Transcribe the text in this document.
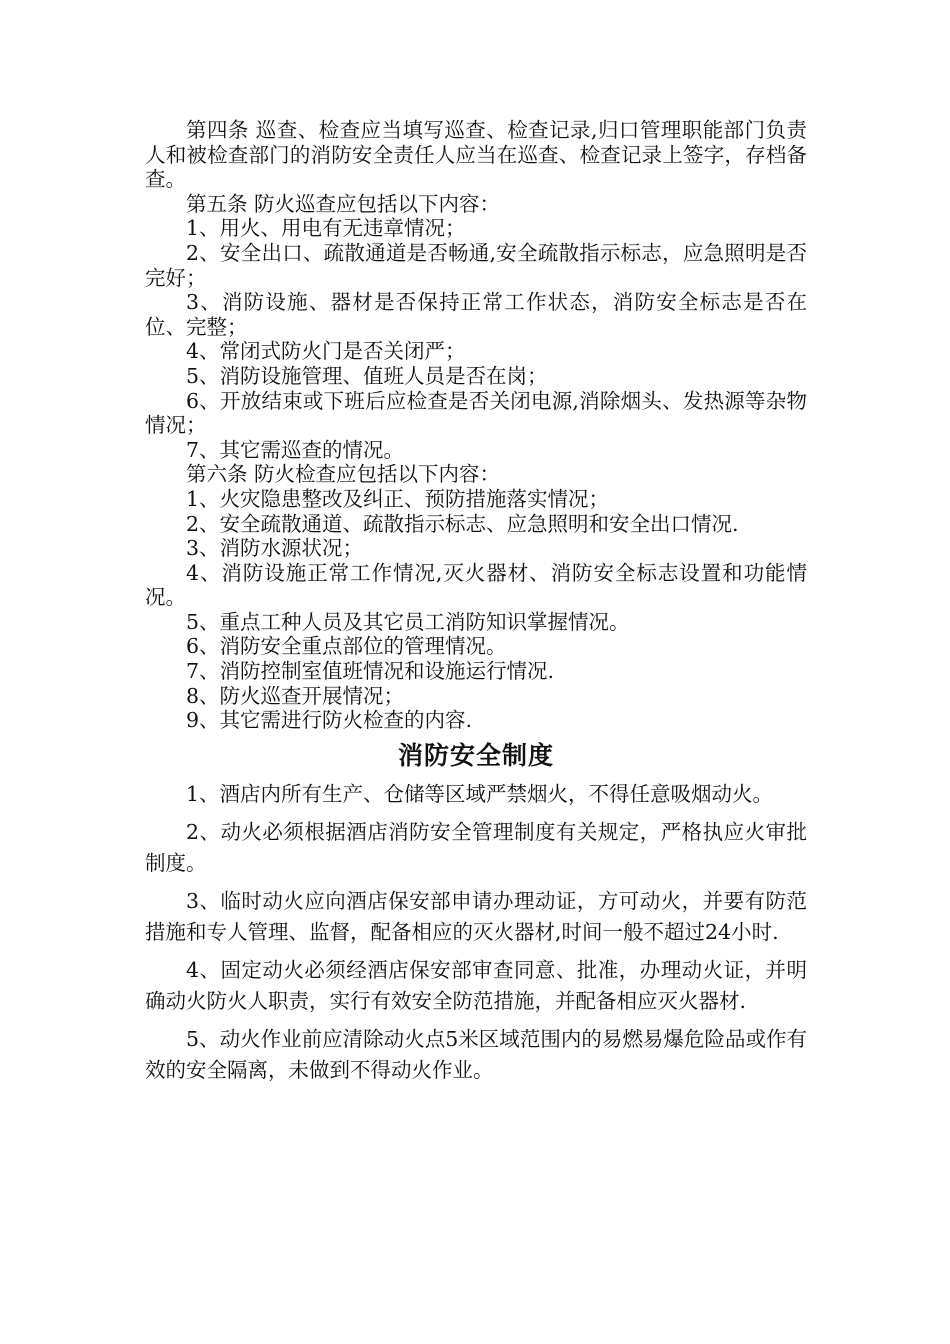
第四条 巡查、检查应当填写巡查、检查记录,归口管理职能部门负责人和被检查部门的消防安全责任人应当在巡查、检查记录上签字，存档备查。

第五条 防火巡查应包括以下内容：

1、用火、用电有无违章情况；

2、安全出口、疏散通道是否畅通,安全疏散指示标志，应急照明是否完好；

3、消防设施、器材是否保持正常工作状态，消防安全标志是否在位、完整；

4、常闭式防火门是否关闭严；

5、消防设施管理、值班人员是否在岗；

6、开放结束或下班后应检查是否关闭电源,消除烟头、发热源等杂物情况；

7、其它需巡查的情况。

第六条 防火检查应包括以下内容：

1、火灾隐患整改及纠正、预防措施落实情况；

2、安全疏散通道、疏散指示标志、应急照明和安全出口情况.

3、消防水源状况；

4、消防设施正常工作情况,灭火器材、消防安全标志设置和功能情况。

5、重点工种人员及其它员工消防知识掌握情况。

6、消防安全重点部位的管理情况。

7、消防控制室值班情况和设施运行情况.

8、防火巡查开展情况；

9、其它需进行防火检查的内容.

消防安全制度

1、酒店内所有生产、仓储等区域严禁烟火，不得任意吸烟动火。

2、动火必须根据酒店消防安全管理制度有关规定，严格执应火审批制度。

3、临时动火应向酒店保安部申请办理动证，方可动火，并要有防范措施和专人管理、监督，配备相应的灭火器材,时间一般不超过24小时.

4、固定动火必须经酒店保安部审查同意、批准，办理动火证，并明确动火防火人职责，实行有效安全防范措施，并配备相应灭火器材.

5、动火作业前应清除动火点5米区域范围内的易燃易爆危险品或作有效的安全隔离，未做到不得动火作业。
